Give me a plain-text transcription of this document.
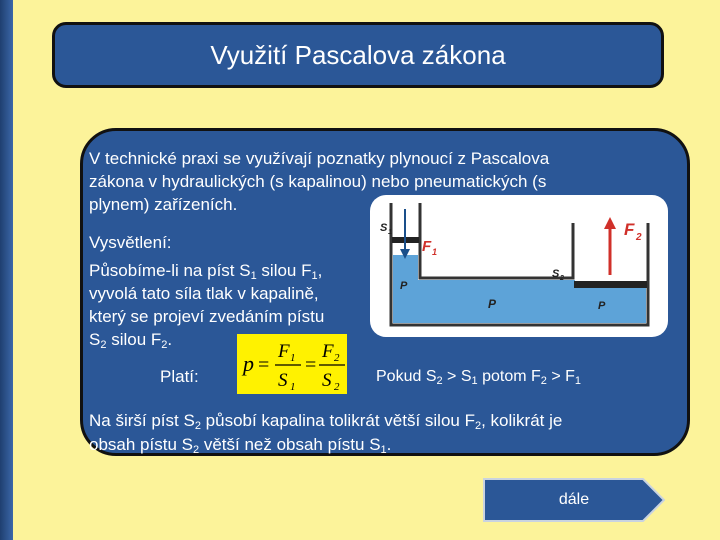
Využití Pascalova zákona
V technické praxi se využívají poznatky plynoucí z Pascalova
zákona v hydraulických (s kapalinou) nebo pneumatických (s
plynem) zařízeních.
Vysvětlení:
Působíme-li na píst $S_1$ silou $F_1$,
vyvolá tato síla tlak v kapalině,
který se projeví zvedáním pístu
$S_2$ silou $F_2$.
Platí:
p =
F 1
S 1
=
F 2
S 2
Pokud $S_2 > S_1$ potom $F_2 > F_1$
Na širší píst $S_2$ působí kapalina tolikrát větší silou $F_2$, kolikrát je
obsah pístu $S_2$ větší než obsah pístu $S_1$.
S 1
F 1
F 2
S 2
P
P	P
dále
